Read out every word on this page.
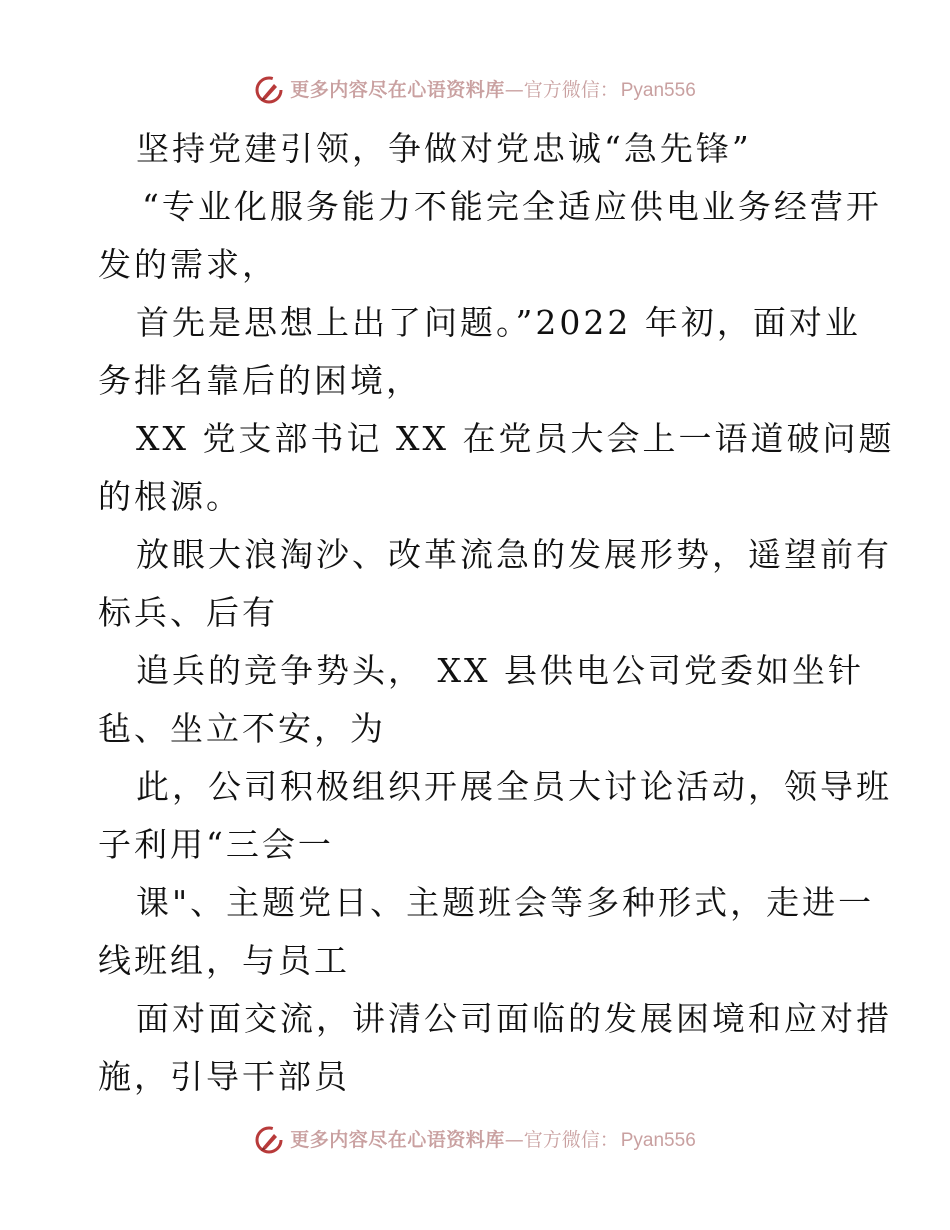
更多内容尽在心语资料库 — 官方微信： Pyan556
坚持党建引领，争做对党忠诚“急先锋”
“专业化服务能力不能完全适应供电业务经营开
发的需求，
首先是思想上出了问题。”2022 年初，面对业
务排名靠后的困境，
XX 党支部书记 XX 在党员大会上一语道破问题
的根源。
放眼大浪淘沙、改革流急的发展形势，遥望前有
标兵、后有
追兵的竞争势头， XX 县供电公司党委如坐针
毡、坐立不安，为
此，公司积极组织开展全员大讨论活动，领导班
子利用“三会一
课"、主题党日、主题班会等多种形式，走进一
线班组，与员工
面对面交流，讲清公司面临的发展困境和应对措
施，引导干部员
更多内容尽在心语资料库 — 官方微信： Pyan556
